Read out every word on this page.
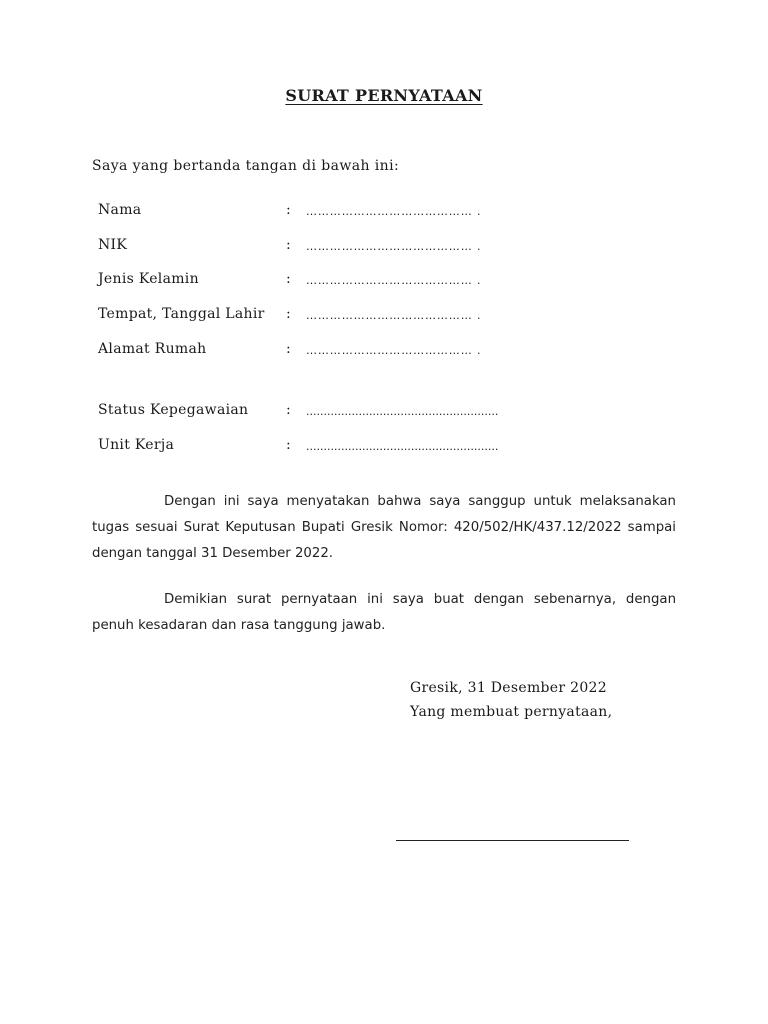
SURAT PERNYATAAN
Saya yang bertanda tangan di bawah ini:
Nama	: …………………………………… .
NIK	: …………………………………… .
Jenis Kelamin	: …………………………………… .
Tempat, Tanggal Lahir	: …………………………………… .
Alamat Rumah	: …………………………………… .
Status Kepegawaian	: .......................................................
Unit Kerja	: .......................................................
Dengan ini saya menyatakan bahwa saya sanggup untuk melaksanakan tugas sesuai Surat Keputusan Bupati Gresik Nomor: 420/502/HK/437.12/2022 sampai dengan tanggal 31 Desember 2022.
Demikian surat pernyataan ini saya buat dengan sebenarnya, dengan penuh kesadaran dan rasa tanggung jawab.
Gresik, 31 Desember 2022
Yang membuat pernyataan,
